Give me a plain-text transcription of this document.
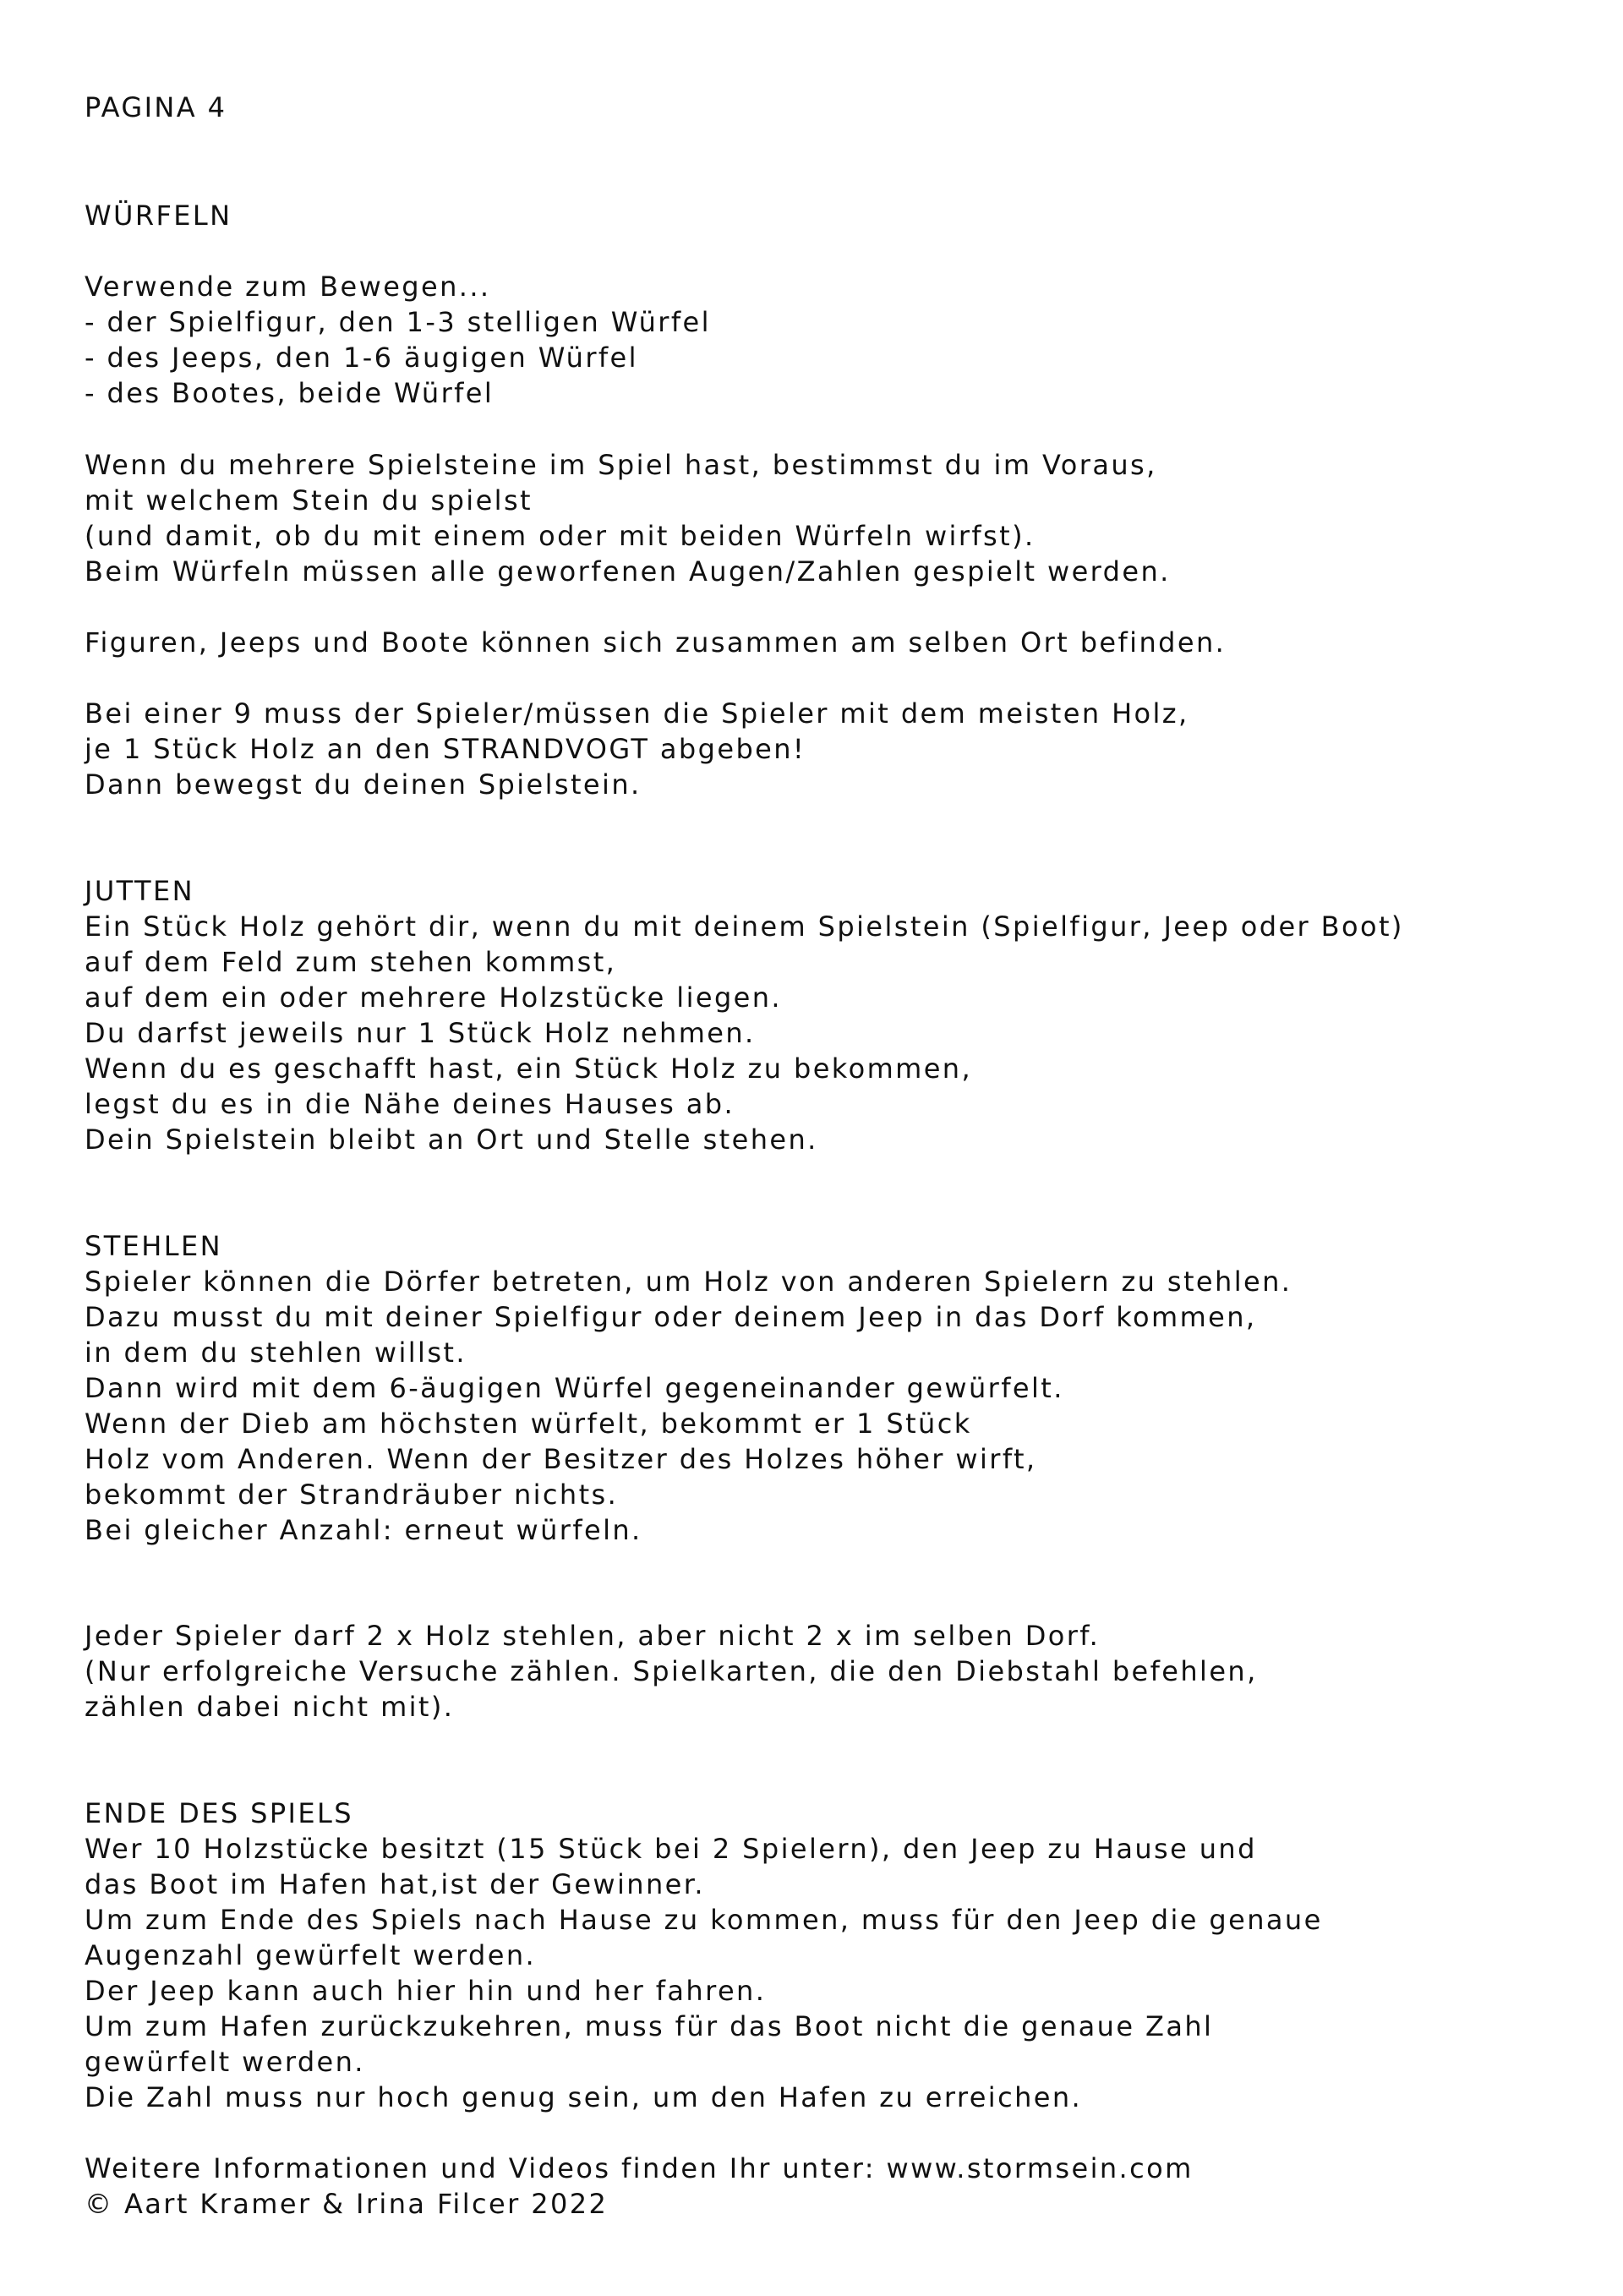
PAGINA 4

WÜRFELN

Verwende zum Bewegen...

- der Spielfigur, den 1-3 stelligen Würfel

- des Jeeps, den 1-6 äugigen Würfel

- des Bootes, beide Würfel

Wenn du mehrere Spielsteine im Spiel hast, bestimmst du im Voraus,

mit welchem Stein du spielst

(und damit, ob du mit einem oder mit beiden Würfeln wirfst).

Beim Würfeln müssen alle geworfenen Augen/Zahlen gespielt werden.

Figuren, Jeeps und Boote können sich zusammen am selben Ort befinden.

Bei einer 9 muss der Spieler/müssen die Spieler mit dem meisten Holz,

je 1 Stück Holz an den STRANDVOGT abgeben!

Dann bewegst du deinen Spielstein.

JUTTEN

Ein Stück Holz gehört dir, wenn du mit deinem Spielstein (Spielfigur, Jeep oder Boot)

auf dem Feld zum stehen kommst,

auf dem ein oder mehrere Holzstücke liegen.

Du darfst jeweils nur 1 Stück Holz nehmen.

Wenn du es geschafft hast, ein Stück Holz zu bekommen,

legst du es in die Nähe deines Hauses ab.

Dein Spielstein bleibt an Ort und Stelle stehen.

STEHLEN

Spieler können die Dörfer betreten, um Holz von anderen Spielern zu stehlen.

Dazu musst du mit deiner Spielfigur oder deinem Jeep in das Dorf kommen,

in dem du stehlen willst.

Dann wird mit dem 6-äugigen Würfel gegeneinander gewürfelt.

Wenn der Dieb am höchsten würfelt, bekommt er 1 Stück

Holz vom Anderen. Wenn der Besitzer des Holzes höher wirft,

bekommt der Strandräuber nichts.

Bei gleicher Anzahl: erneut würfeln.

Jeder Spieler darf 2 x Holz stehlen, aber nicht 2 x im selben Dorf.

(Nur erfolgreiche Versuche zählen. Spielkarten, die den Diebstahl befehlen,

zählen dabei nicht mit).

ENDE DES SPIELS

Wer 10 Holzstücke besitzt (15 Stück bei 2 Spielern), den Jeep zu Hause und

das Boot im Hafen hat,ist der Gewinner.

Um zum Ende des Spiels nach Hause zu kommen, muss für den Jeep die genaue

Augenzahl gewürfelt werden.

Der Jeep kann auch hier hin und her fahren.

Um zum Hafen zurückzukehren, muss für das Boot nicht die genaue Zahl

gewürfelt werden.

Die Zahl muss nur hoch genug sein, um den Hafen zu erreichen.

Weitere Informationen und Videos finden Ihr unter: www.stormsein.com

© Aart Kramer & Irina Filcer 2022
